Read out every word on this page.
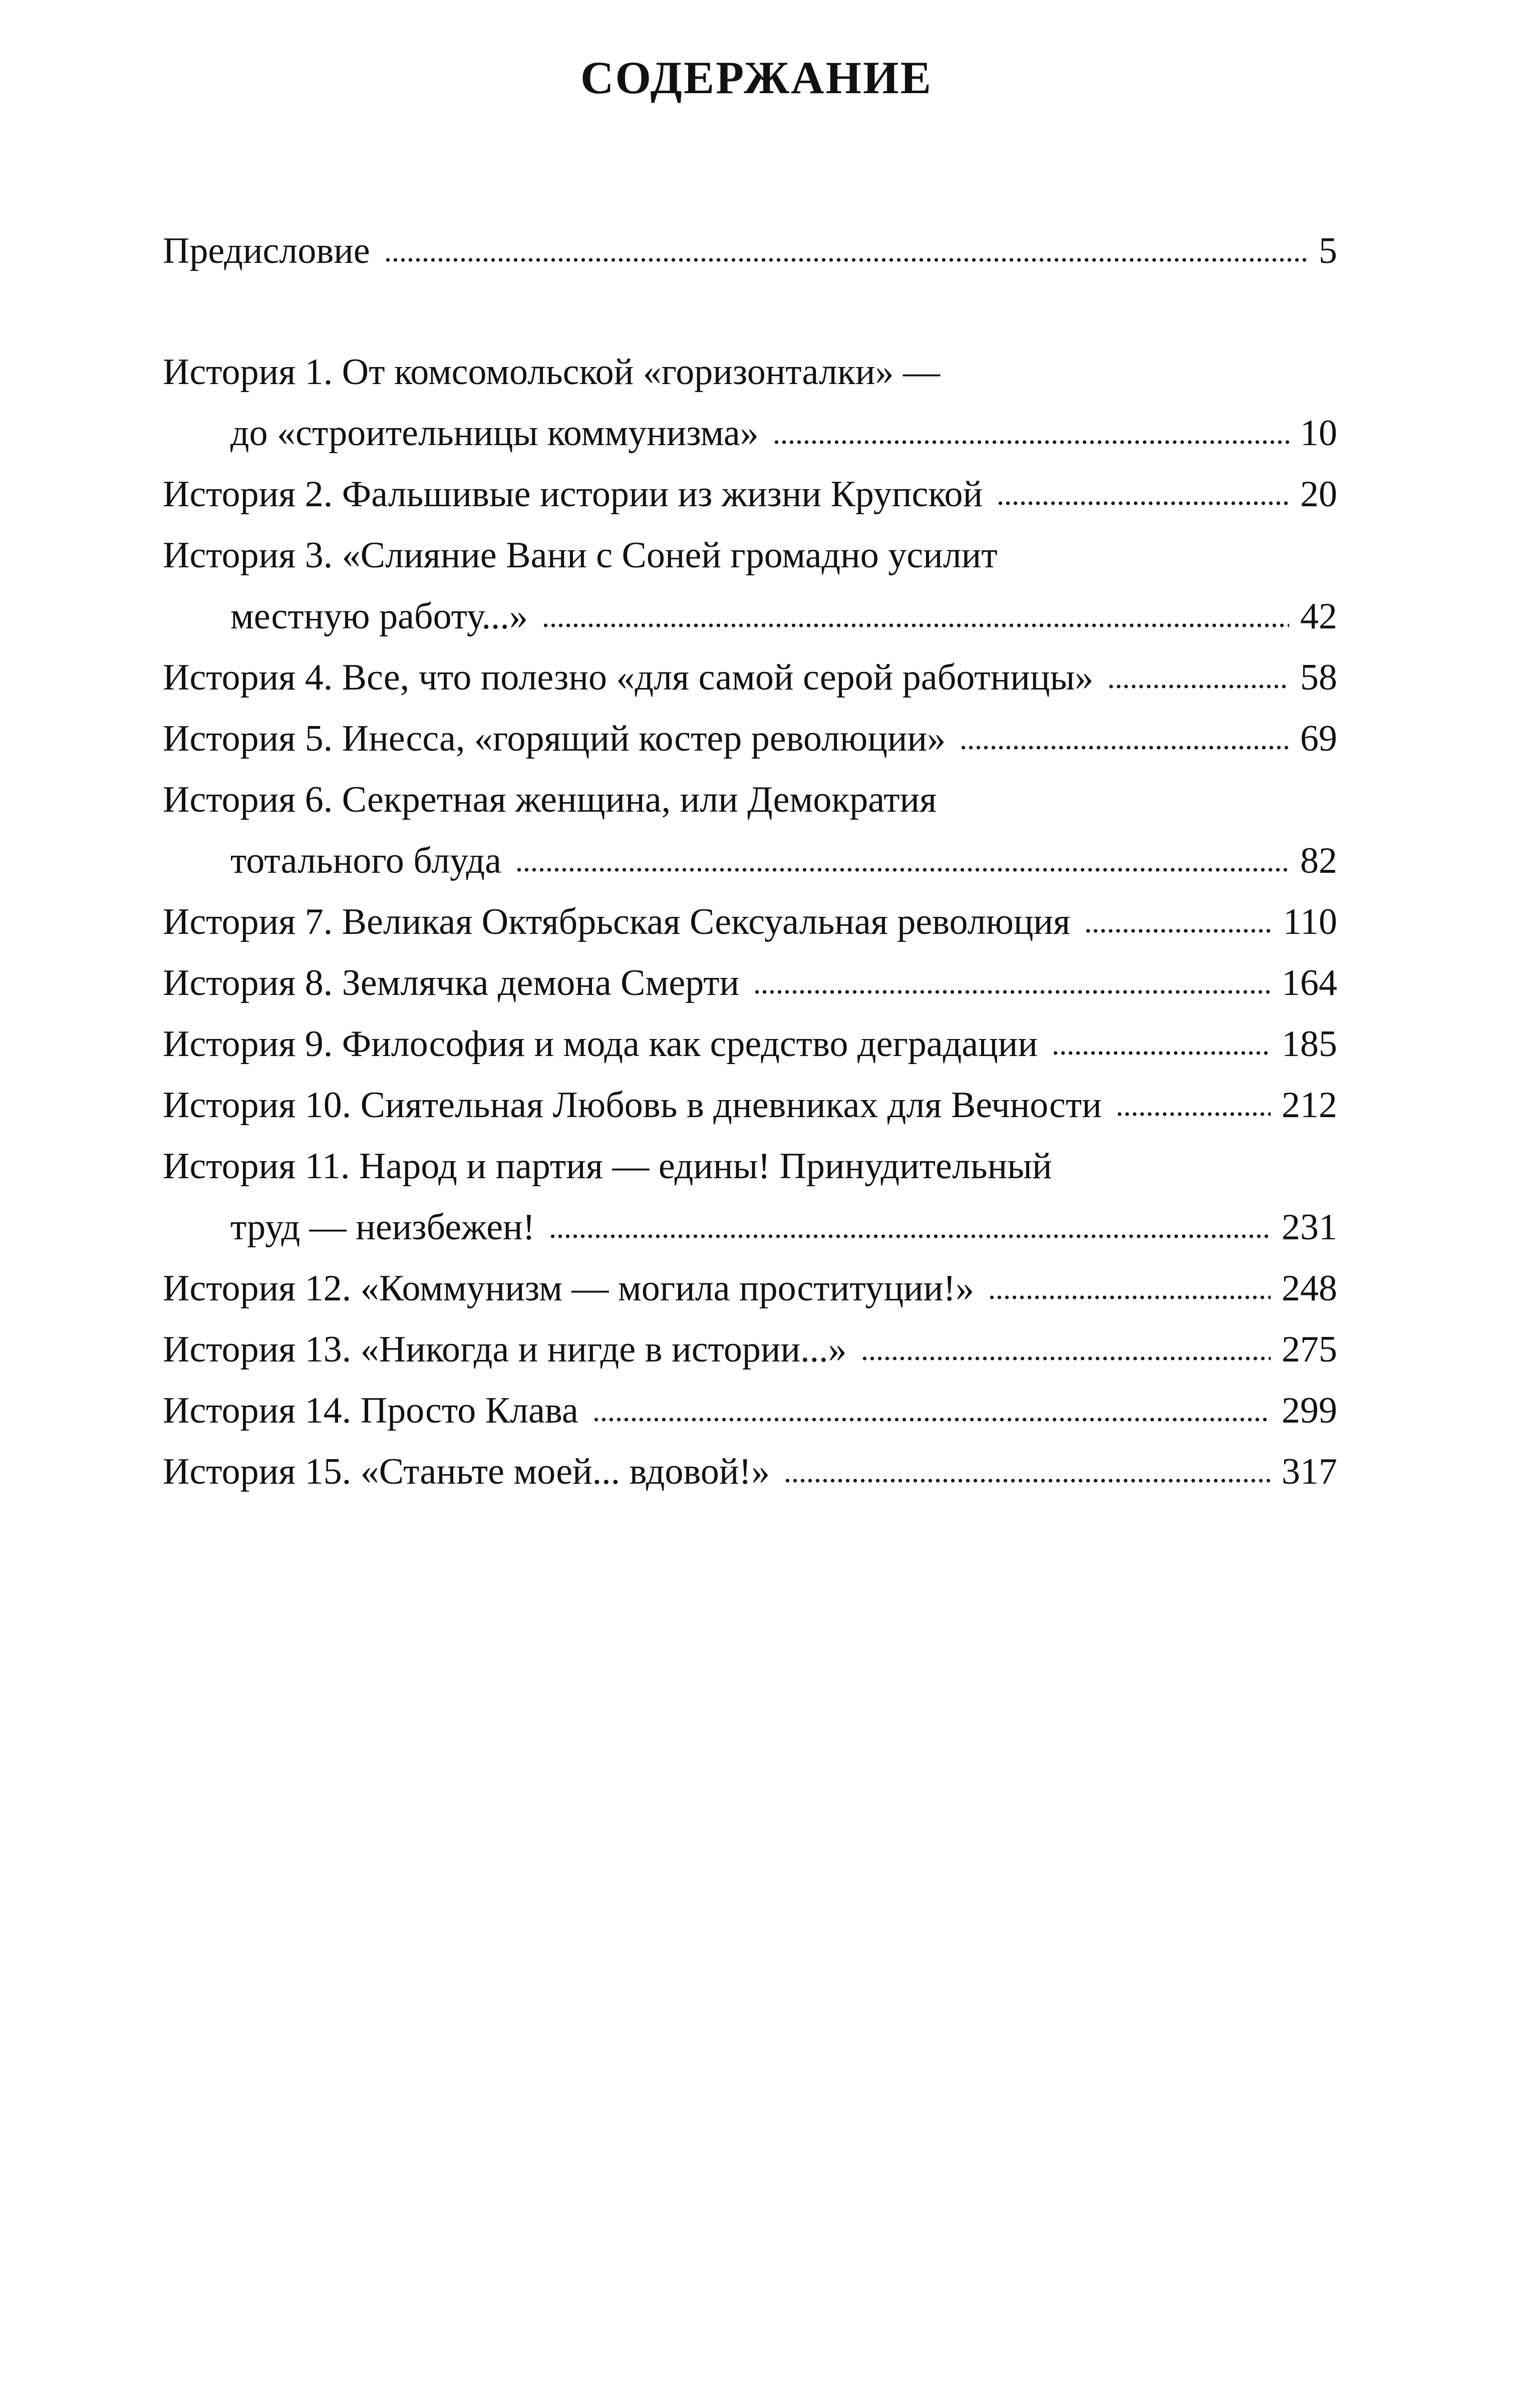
СОДЕРЖАНИЕ
Предисловие	5
История 1. От комсомольской «горизонталки» —
до «строительницы коммунизма»	10
История 2. Фальшивые истории из жизни Крупской	20
История 3. «Слияние Вани с Соней громадно усилит
местную работу...»	42
История 4. Все, что полезно «для самой серой работницы»	58
История 5. Инесса, «горящий костер революции»	69
История 6. Секретная женщина, или Демократия
тотального блуда	82
История 7. Великая Октябрьская Сексуальная революция	110
История 8. Землячка демона Смерти	164
История 9. Философия и мода как средство деградации	185
История 10. Сиятельная Любовь в дневниках для Вечности	212
История 11. Народ и партия — едины! Принудительный
труд — неизбежен!	231
История 12. «Коммунизм — могила проституции!»	248
История 13. «Никогда и нигде в истории...»	275
История 14. Просто Клава	299
История 15. «Станьте моей... вдовой!»	317
